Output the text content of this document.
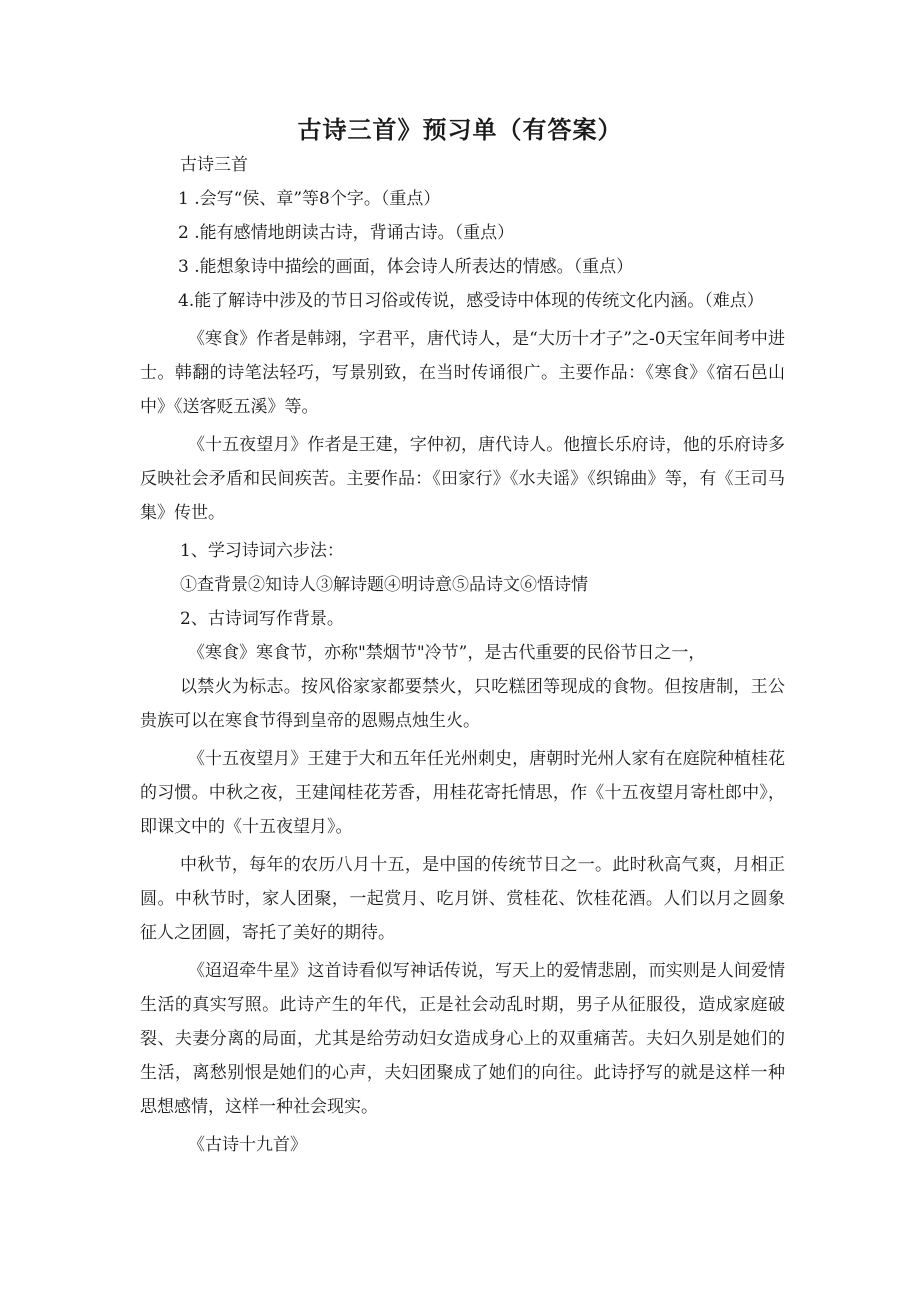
古诗三首》预习单（有答案）

古诗三首

1 .会写“侯、章”等8个字。（重点）

2 .能有感情地朗读古诗，背诵古诗。（重点）

3 .能想象诗中描绘的画面，体会诗人所表达的情感。（重点）

4.能了解诗中涉及的节日习俗或传说，感受诗中体现的传统文化内涵。（难点）

《寒食》作者是韩翊，字君平，唐代诗人，是“大历十才子”之-0天宝年间考中进士。韩翻的诗笔法轻巧，写景别致，在当时传诵很广。主要作品：《寒食》《宿石邑山中》《送客贬五溪》等。

《十五夜望月》作者是王建，字仲初，唐代诗人。他擅长乐府诗，他的乐府诗多反映社会矛盾和民间疾苦。主要作品：《田家行》《水夫谣》《织锦曲》等，有《王司马集》传世。

1、学习诗词六步法：

①查背景②知诗人③解诗题④明诗意⑤品诗文⑥悟诗情

2、古诗词写作背景。

《寒食》寒食节，亦称"禁烟节"冷节”，是古代重要的民俗节日之一，

以禁火为标志。按风俗家家都要禁火，只吃糕团等现成的食物。但按唐制，王公贵族可以在寒食节得到皇帝的恩赐点烛生火。

《十五夜望月》王建于大和五年任光州刺史，唐朝时光州人家有在庭院种植桂花的习惯。中秋之夜，王建闻桂花芳香，用桂花寄托情思，作《十五夜望月寄杜郎中》，即课文中的《十五夜望月》。

中秋节，每年的农历八月十五，是中国的传统节日之一。此时秋高气爽，月相正圆。中秋节时，家人团聚，一起赏月、吃月饼、赏桂花、饮桂花酒。人们以月之圆象征人之团圆，寄托了美好的期待。

《迢迢牵牛星》这首诗看似写神话传说，写天上的爱情悲剧，而实则是人间爱情生活的真实写照。此诗产生的年代，正是社会动乱时期，男子从征服役，造成家庭破裂、夫妻分离的局面，尤其是给劳动妇女造成身心上的双重痛苦。夫妇久别是她们的生活，离愁别恨是她们的心声，夫妇团聚成了她们的向往。此诗抒写的就是这样一种思想感情，这样一种社会现实。

《古诗十九首》
